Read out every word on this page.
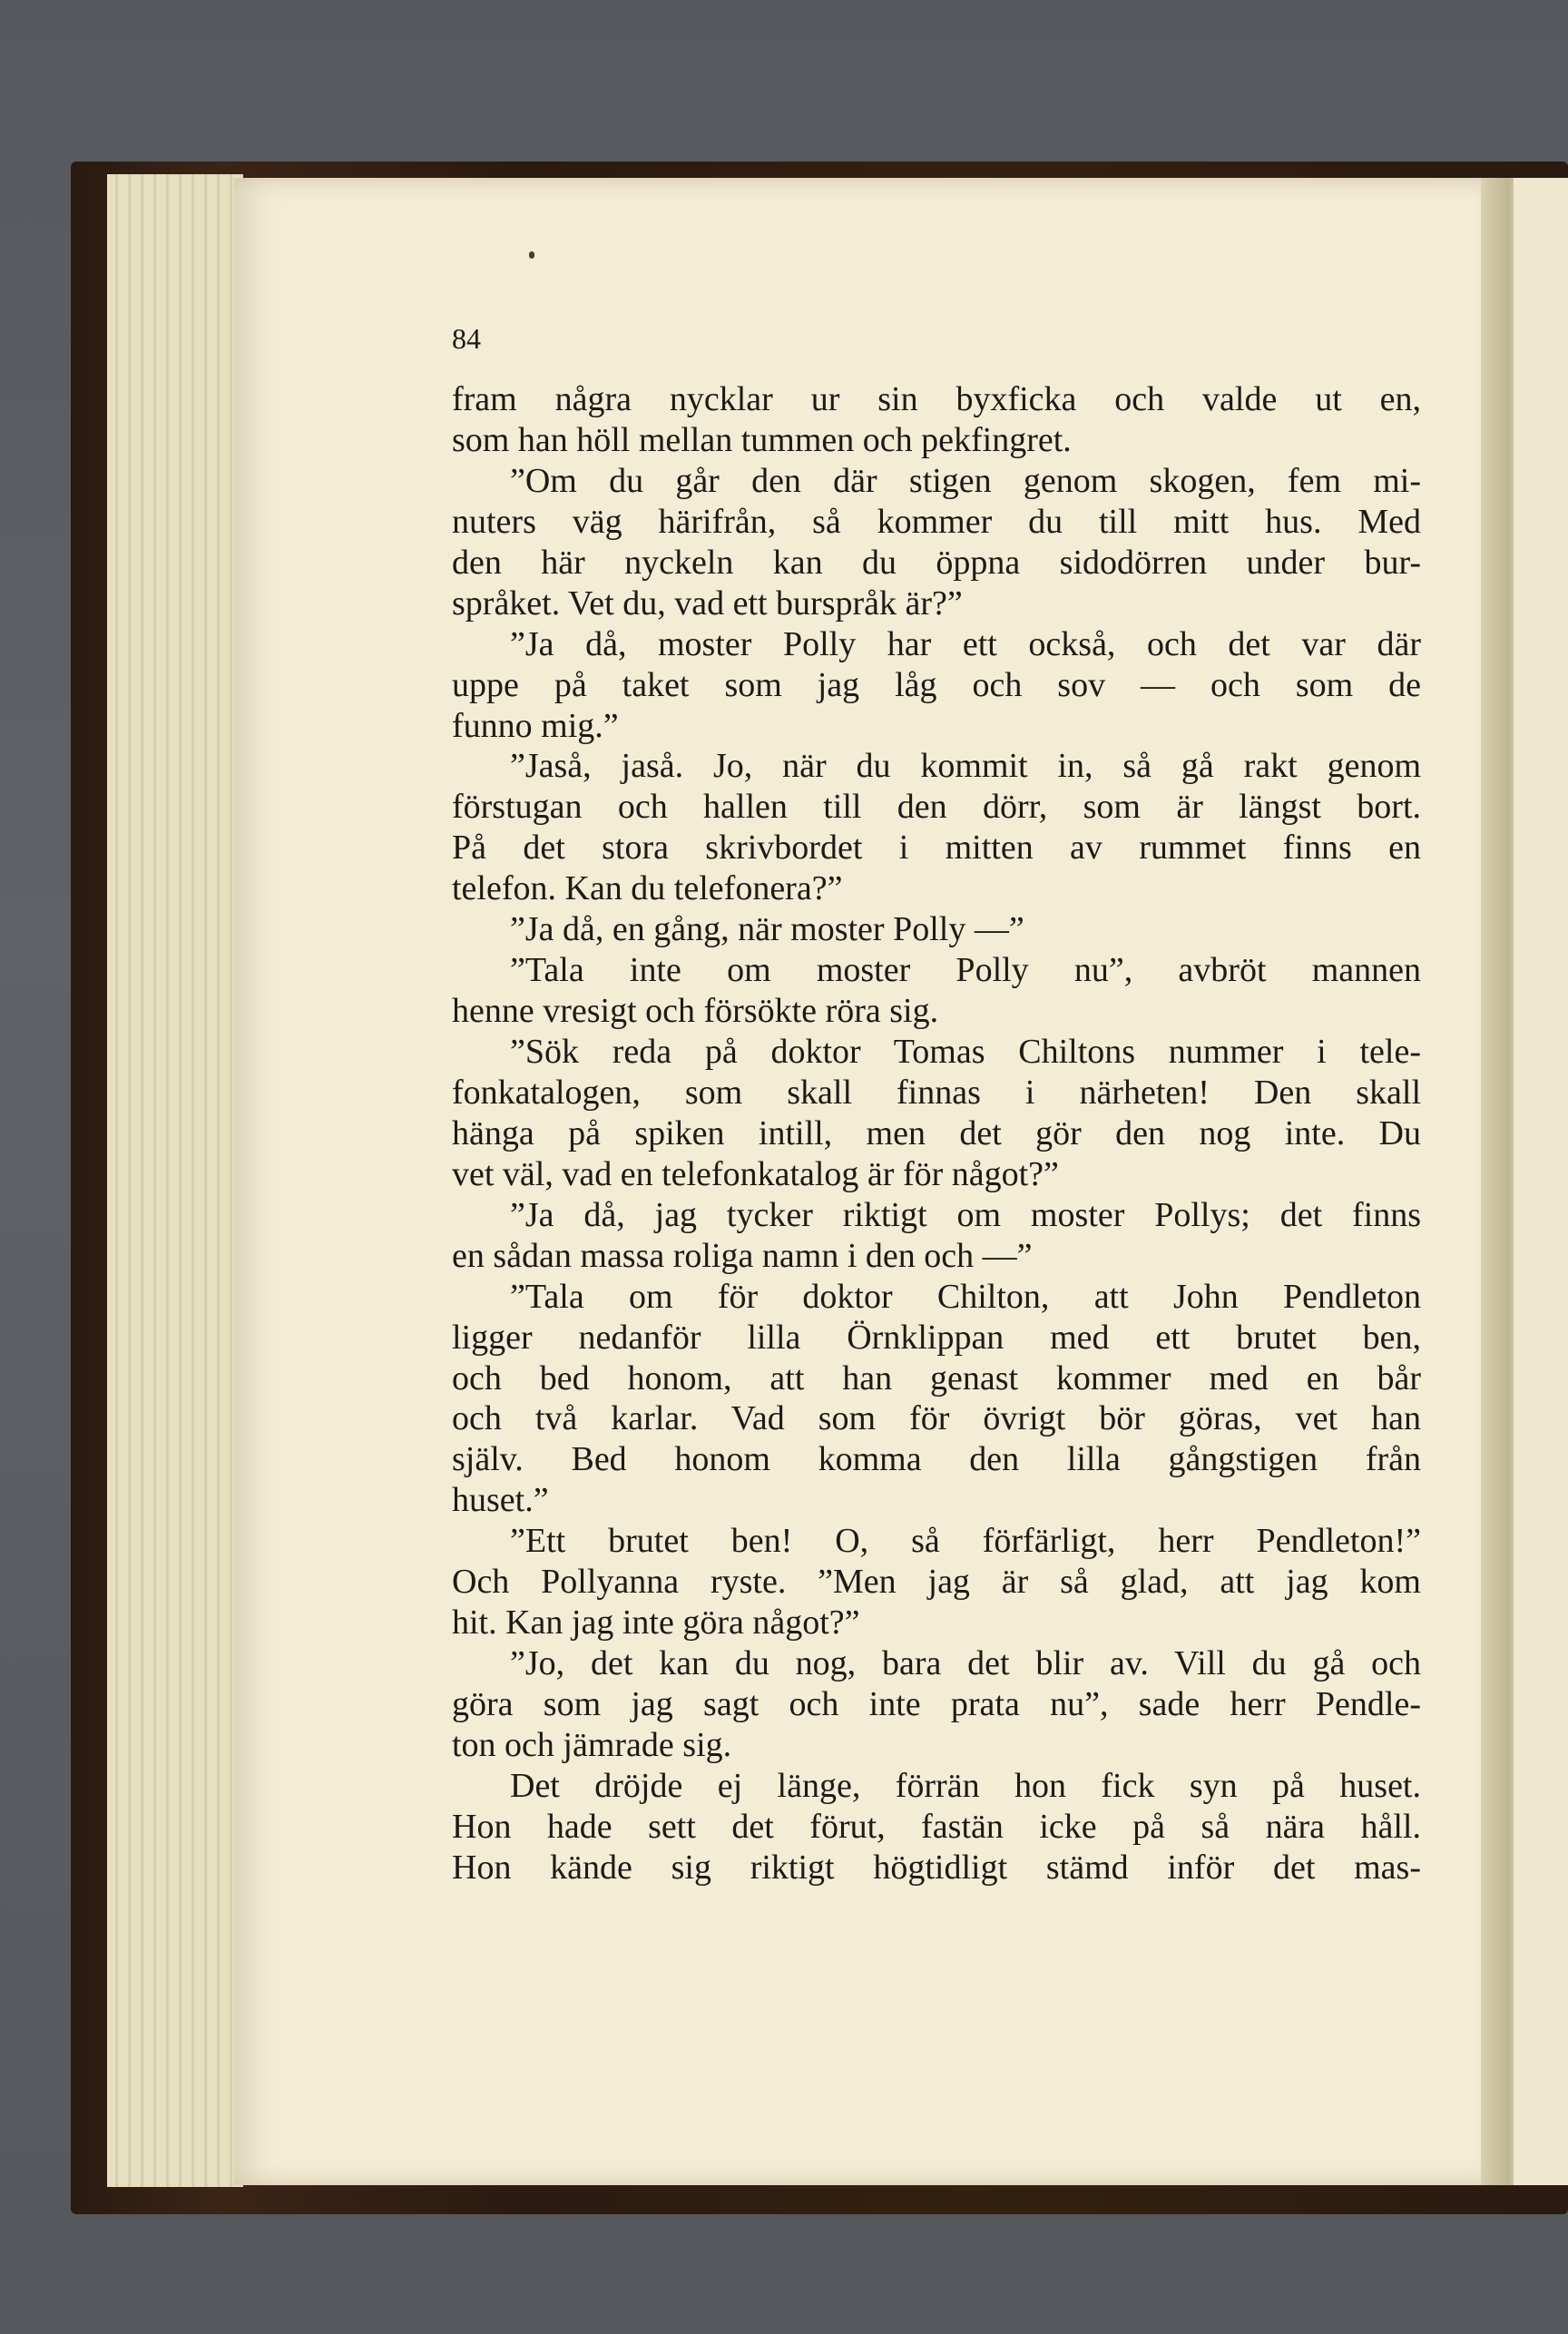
84
fram några nycklar ur sin byxficka och valde ut en,
som han höll mellan tummen och pekfingret.
”Om du går den där stigen genom skogen, fem mi-
nuters väg härifrån, så kommer du till mitt hus. Med
den här nyckeln kan du öppna sidodörren under bur-
språket. Vet du, vad ett burspråk är?”
”Ja då, moster Polly har ett också, och det var där
uppe på taket som jag låg och sov — och som de
funno mig.”
”Jaså, jaså. Jo, när du kommit in, så gå rakt genom
förstugan och hallen till den dörr, som är längst bort.
På det stora skrivbordet i mitten av rummet finns en
telefon. Kan du telefonera?”
”Ja då, en gång, när moster Polly —”
”Tala inte om moster Polly nu”, avbröt mannen
henne vresigt och försökte röra sig.
”Sök reda på doktor Tomas Chiltons nummer i tele-
fonkatalogen, som skall finnas i närheten! Den skall
hänga på spiken intill, men det gör den nog inte. Du
vet väl, vad en telefonkatalog är för något?”
”Ja då, jag tycker riktigt om moster Pollys; det finns
en sådan massa roliga namn i den och —”
”Tala om för doktor Chilton, att John Pendleton
ligger nedanför lilla Örnklippan med ett brutet ben,
och bed honom, att han genast kommer med en bår
och två karlar. Vad som för övrigt bör göras, vet han
själv. Bed honom komma den lilla gångstigen från
huset.”
”Ett brutet ben! O, så förfärligt, herr Pendleton!”
Och Pollyanna ryste. ”Men jag är så glad, att jag kom
hit. Kan jag inte göra något?”
”Jo, det kan du nog, bara det blir av. Vill du gå och
göra som jag sagt och inte prata nu”, sade herr Pendle-
ton och jämrade sig.
Det dröjde ej länge, förrän hon fick syn på huset.
Hon hade sett det förut, fastän icke på så nära håll.
Hon kände sig riktigt högtidligt stämd inför det mas-
